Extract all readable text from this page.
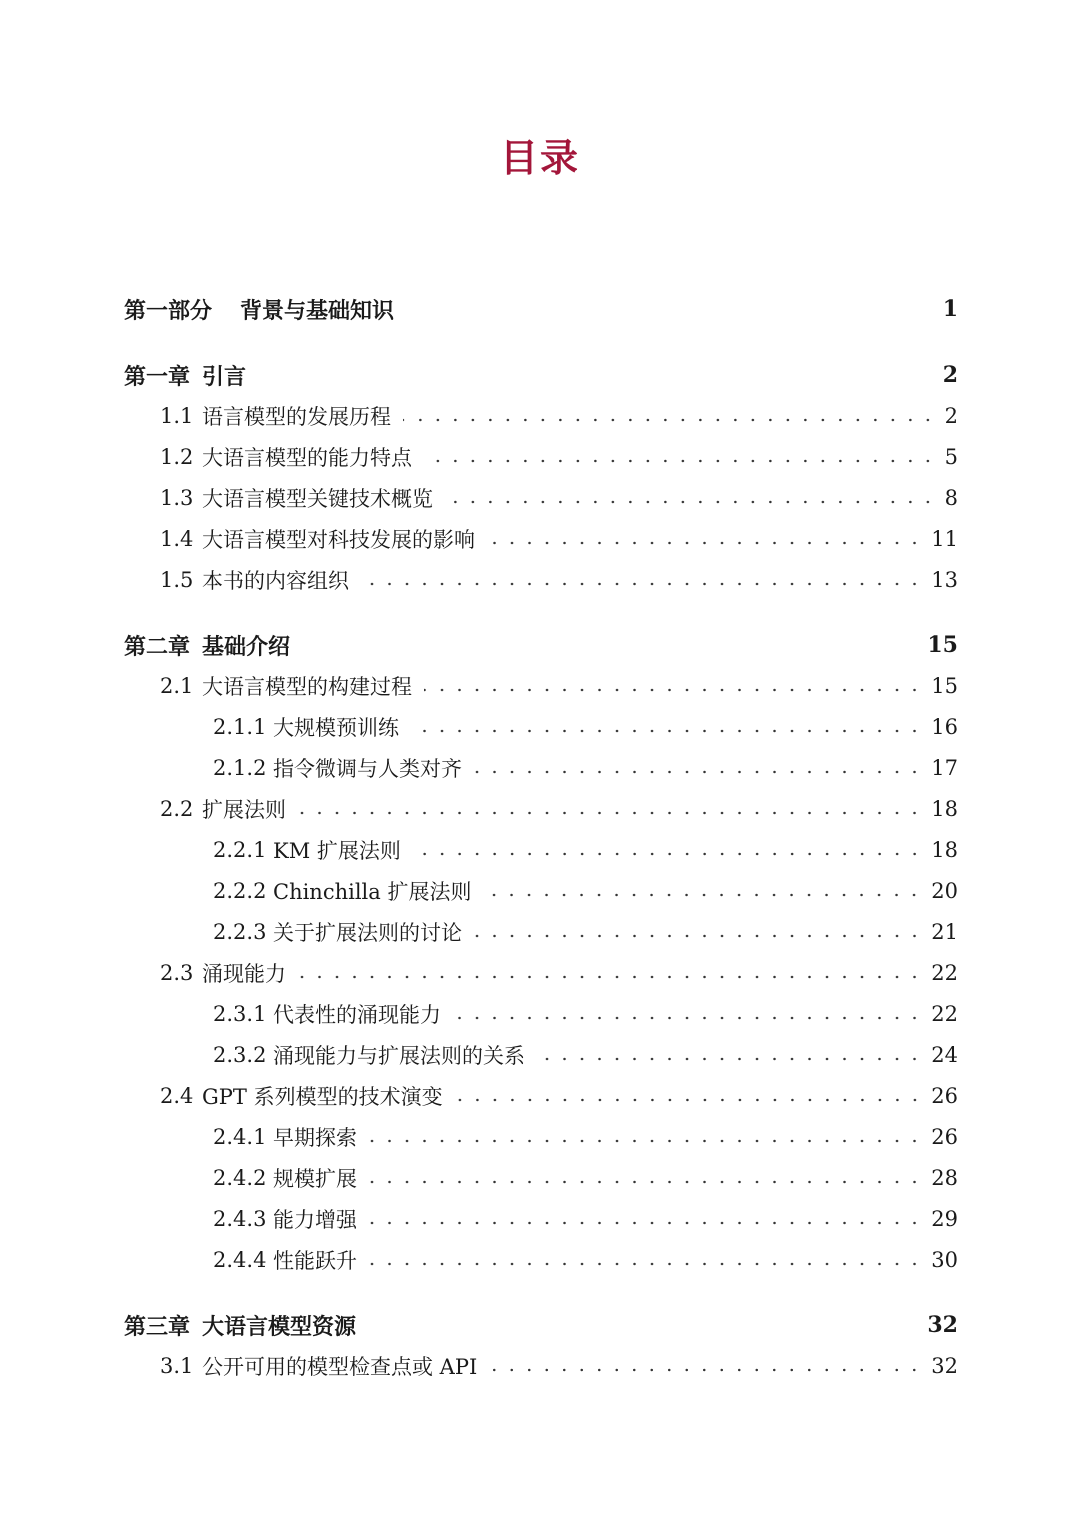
目录
第一部分 背景与基础知识	1
第一章 引言	2
1.1 语言模型的发展历程	2
1.2 大语言模型的能力特点	5
1.3 大语言模型关键技术概览	8
1.4 大语言模型对科技发展的影响	11
1.5 本书的内容组织	13
第二章 基础介绍	15
2.1 大语言模型的构建过程	15
2.1.1 大规模预训练	16
2.1.2 指令微调与人类对齐	17
2.2 扩展法则	18
2.2.1 KM 扩展法则	18
2.2.2 Chinchilla 扩展法则	20
2.2.3 关于扩展法则的讨论	21
2.3 涌现能力	22
2.3.1 代表性的涌现能力	22
2.3.2 涌现能力与扩展法则的关系	24
2.4 GPT 系列模型的技术演变	26
2.4.1 早期探索	26
2.4.2 规模扩展	28
2.4.3 能力增强	29
2.4.4 性能跃升	30
第三章 大语言模型资源	32
3.1 公开可用的模型检查点或 API	32
